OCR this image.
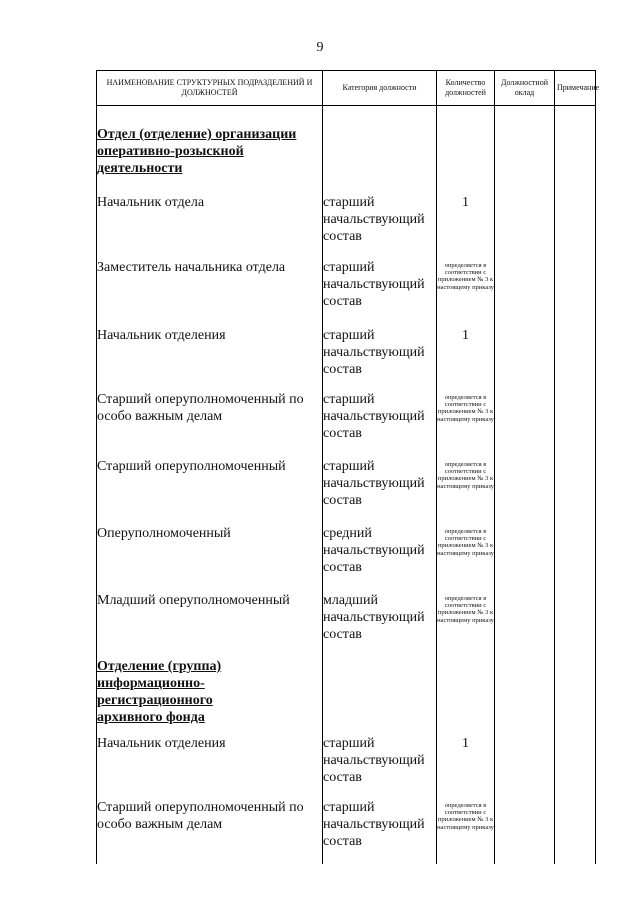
9
НАИМЕНОВАНИЕ СТРУКТУРНЫХ ПОДРАЗДЕЛЕНИЙ И ДОЛЖНОСТЕЙ	Категория должности	Количество должностей	Должностной оклад	Примечание
Отдел (отделение) организации
оперативно-розыскной
деятельности				
Начальник отдела	старший начальствующий состав	1		
Заместитель начальника отдела	старший начальствующий состав	определяется в соответствии с приложением № 3 к настоящему приказу		
Начальник отделения	старший начальствующий состав	1		
Старший оперуполномоченный по особо важным делам	старший начальствующий состав	определяется в соответствии с приложением № 3 к настоящему приказу		
Старший оперуполномоченный	старший начальствующий состав	определяется в соответствии с приложением № 3 к настоящему приказу		
Оперуполномоченный	средний начальствующий состав	определяется в соответствии с приложением № 3 к настоящему приказу		
Младший оперуполномоченный	младший начальствующий состав	определяется в соответствии с приложением № 3 к настоящему приказу		
Отделение (группа)
информационно-
регистрационного
архивного фонда				
Начальник отделения	старший начальствующий состав	1		
Старший оперуполномоченный по особо важным делам	старший начальствующий состав	определяется в соответствии с приложением № 3 к настоящему приказу		
